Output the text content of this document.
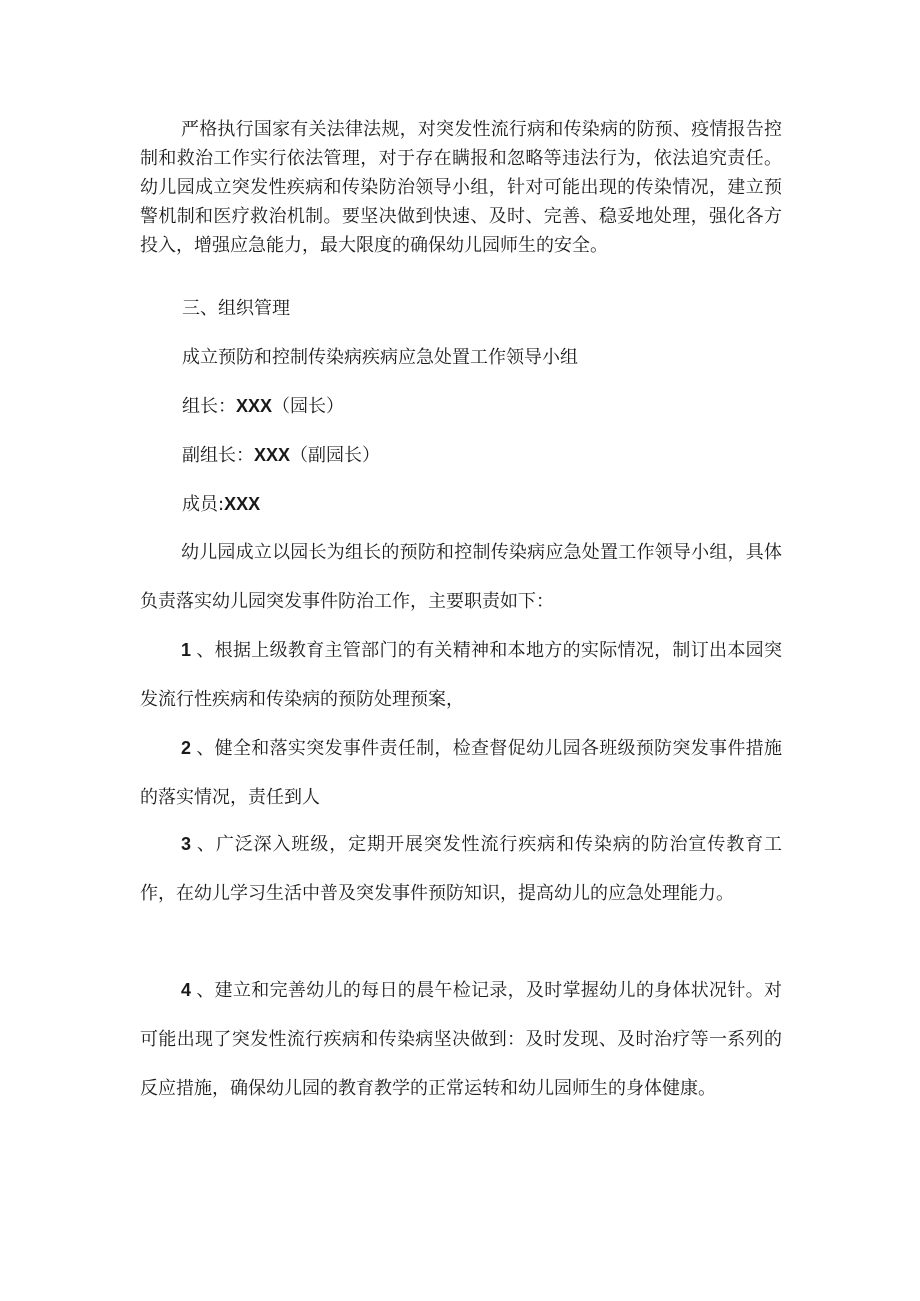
严格执行国家有关法律法规，对突发性流行病和传染病的防预、疫情报告控制和救治工作实行依法管理，对于存在瞒报和忽略等违法行为，依法追究责任。幼儿园成立突发性疾病和传染防治领导小组，针对可能出现的传染情况，建立预警机制和医疗救治机制。要坚决做到快速、及时、完善、稳妥地处理，强化各方投入，增强应急能力，最大限度的确保幼儿园师生的安全。

三、组织管理

成立预防和控制传染病疾病应急处置工作领导小组

组长：XXX（园长）

副组长：XXX（副园长）

成员:XXX

幼儿园成立以园长为组长的预防和控制传染病应急处置工作领导小组，具体负责落实幼儿园突发事件防治工作，主要职责如下：

1 、根据上级教育主管部门的有关精神和本地方的实际情况，制订出本园突发流行性疾病和传染病的预防处理预案，

2 、健全和落实突发事件责任制，检查督促幼儿园各班级预防突发事件措施的落实情况，责任到人

3 、广泛深入班级，定期开展突发性流行疾病和传染病的防治宣传教育工作，在幼儿学习生活中普及突发事件预防知识，提高幼儿的应急处理能力。

4 、建立和完善幼儿的每日的晨午检记录，及时掌握幼儿的身体状况针。对可能出现了突发性流行疾病和传染病坚决做到：及时发现、及时治疗等一系列的反应措施，确保幼儿园的教育教学的正常运转和幼儿园师生的身体健康。
